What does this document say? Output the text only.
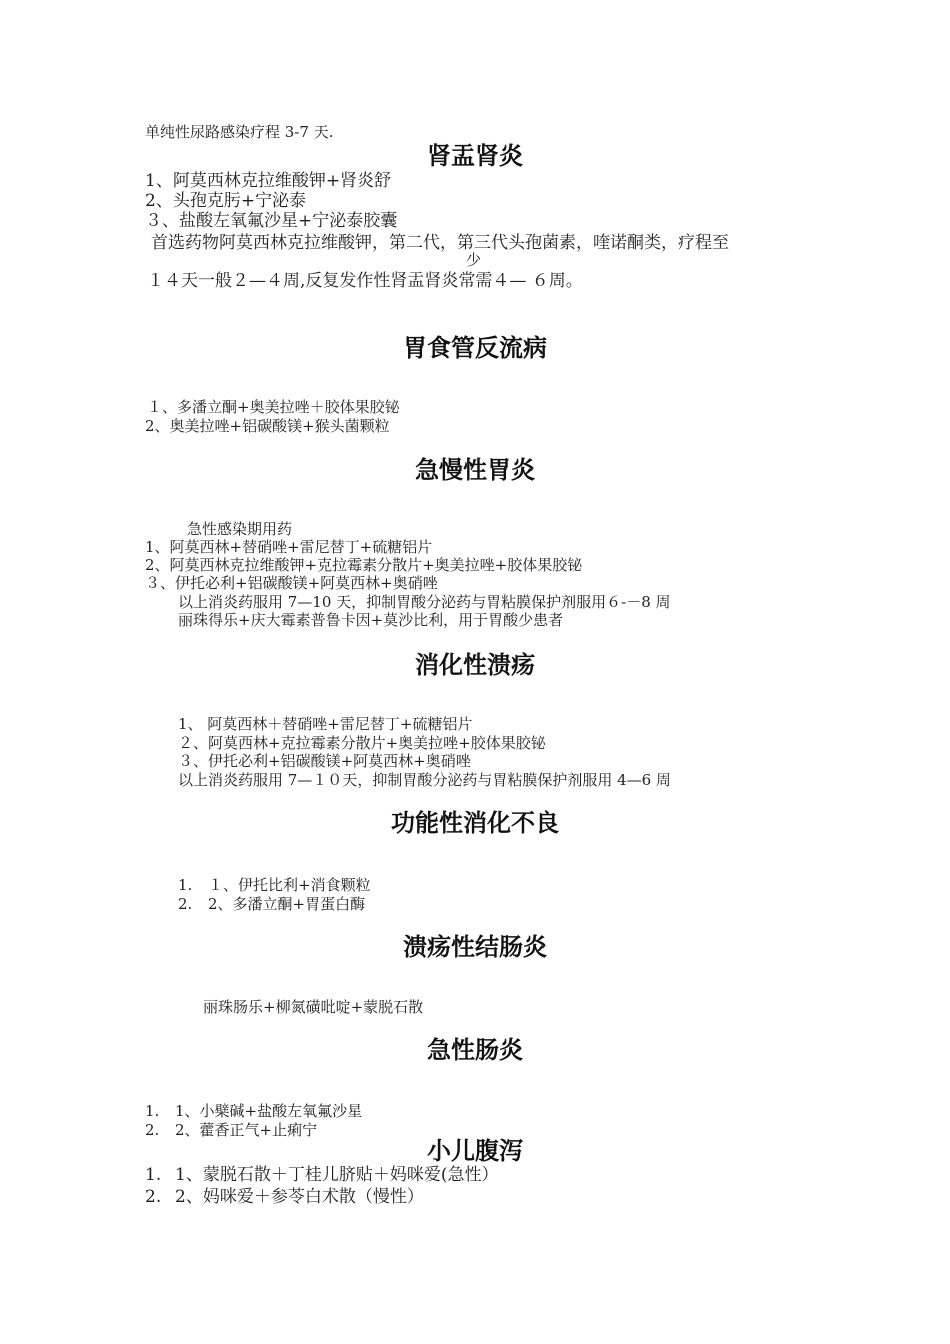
单纯性尿路感染疗程 3-7 天.
肾盂肾炎
1、阿莫西林克拉维酸钾+肾炎舒
2、头孢克肟+宁泌泰
３、盐酸左氧氟沙星+宁泌泰胶囊
首选药物阿莫西林克拉维酸钾，第二代，第三代头孢菌素，喹诺酮类，疗程至
少
１４天一般２—４周,反复发作性肾盂肾炎常需４— ６周。
胃食管反流病
１、多潘立酮+奥美拉唑＋胶体果胶铋
2、奥美拉唑+铝碳酸镁+猴头菌颗粒
急慢性胃炎
急性感染期用药
1、阿莫西林+替硝唑+雷尼替丁+硫糖铝片
2、阿莫西林克拉维酸钾+克拉霉素分散片+奥美拉唑+胶体果胶铋
３、伊托必利+铝碳酸镁+阿莫西林+奥硝唑
以上消炎药服用 7—10 天，抑制胃酸分泌药与胃粘膜保护剂服用６-－8 周
丽珠得乐+庆大霉素普鲁卡因+莫沙比利，用于胃酸少患者
消化性溃疡
1、 阿莫西林＋替硝唑+雷尼替丁+硫糖铝片
２、阿莫西林+克拉霉素分散片+奥美拉唑+胶体果胶铋
３、伊托必利+铝碳酸镁+阿莫西林+奥硝唑
以上消炎药服用 7—１０天，抑制胃酸分泌药与胃粘膜保护剂服用 4—6 周
功能性消化不良
1. １、伊托比利+消食颗粒
2. 2、多潘立酮+胃蛋白酶
溃疡性结肠炎
丽珠肠乐+柳氮磺吡啶+蒙脱石散
急性肠炎
1. 1、小檗碱+盐酸左氧氟沙星
2. 2、藿香正气+止痢宁
小儿腹泻
1. 1、蒙脱石散＋丁桂儿脐贴＋妈咪爱(急性）
2. 2、妈咪爱＋参苓白术散（慢性）
